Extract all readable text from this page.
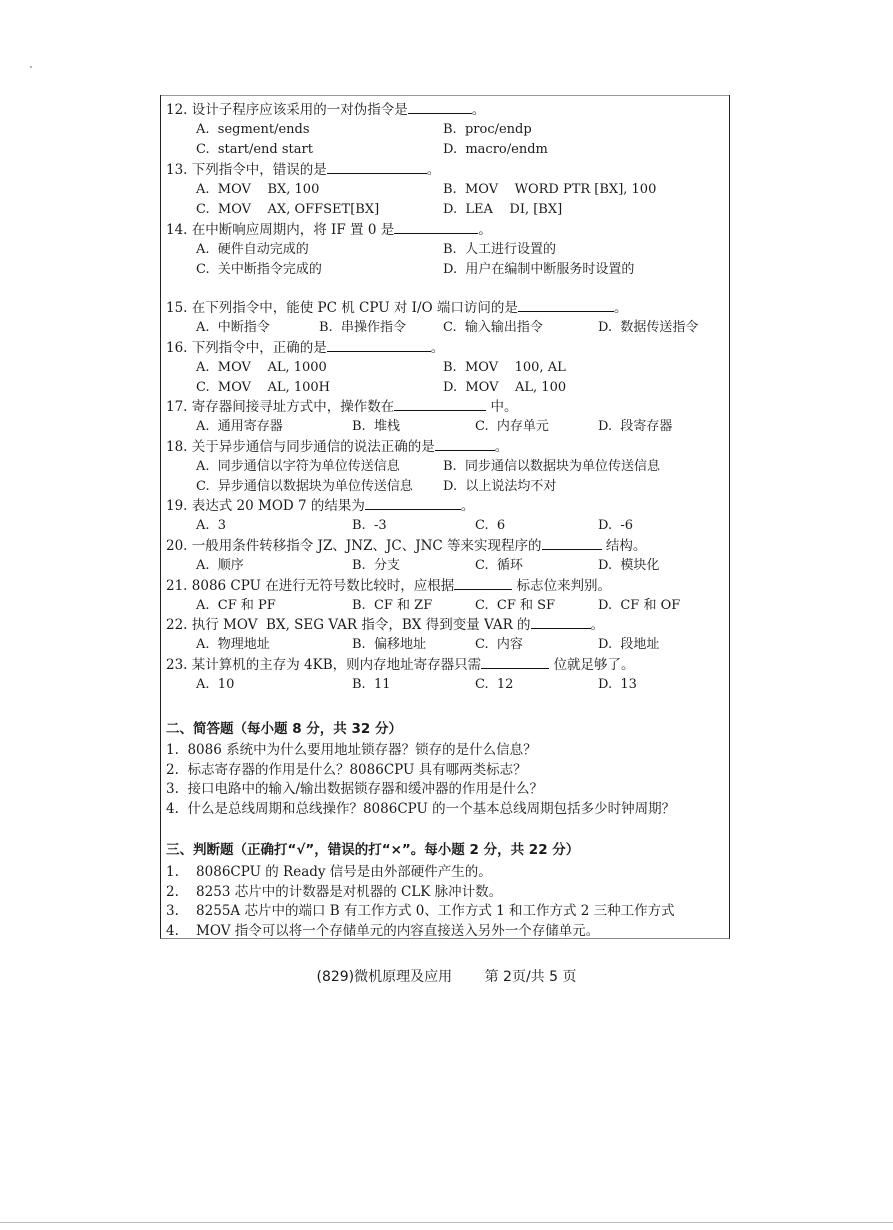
12. 设计子程序应该采用的一对伪指令是	。
A.  segment/ends	B.  proc/endp
C.  start/end start	D.  macro/endm
13. 下列指令中，错误的是	。
A.  MOV    BX, 100	B.  MOV    WORD PTR [BX], 100
C.  MOV    AX, OFFSET[BX]	D.  LEA    DI, [BX]
14. 在中断响应周期内，将 IF 置 0 是	。
A.  硬件自动完成的	B.  人工进行设置的
C.  关中断指令完成的	D.  用户在编制中断服务时设置的
15. 在下列指令中，能使 PC 机 CPU 对 I/O 端口访问的是	。
A.  中断指令	B.  串操作指令	C.  输入输出指令	D.  数据传送指令
16. 下列指令中，正确的是	。
A.  MOV    AL, 1000	B.  MOV    100, AL
C.  MOV    AL, 100H	D.  MOV    AL, 100
17. 寄存器间接寻址方式中，操作数在	中。
A.  通用寄存器	B.  堆栈	C.  内存单元	D.  段寄存器
18. 关于异步通信与同步通信的说法正确的是	。
A.  同步通信以字符为单位传送信息	B.  同步通信以数据块为单位传送信息
C.  异步通信以数据块为单位传送信息 D.  以上说法均不对
19. 表达式 20 MOD 7 的结果为	。
A.  3	B.  -3	C.  6	D.  -6
20. 一般用条件转移指令 JZ、JNZ、JC、JNC 等来实现程序的	结构。
A.  顺序	B.  分支	C.  循环	D.  模块化
21. 8086 CPU 在进行无符号数比较时，应根据	标志位来判别。
A.  CF 和 PF	B.  CF 和 ZF	C.  CF 和 SF	D.  CF 和 OF
22. 执行 MOV  BX, SEG VAR 指令，BX 得到变量 VAR 的	。
A.  物理地址	B.  偏移地址	C.  内容	D.  段地址
23. 某计算机的主存为 4KB，则内存地址寄存器只需	位就足够了。
A.  10	B.  11	C.  12	D.  13
二、简答题（每小题 8 分，共 32 分）
1.  8086 系统中为什么要用地址锁存器？锁存的是什么信息？
2.  标志寄存器的作用是什么？8086CPU 具有哪两类标志？
3.  接口电路中的输入/输出数据锁存器和缓冲器的作用是什么？
4.  什么是总线周期和总线操作？8086CPU 的一个基本总线周期包括多少时钟周期？
三、判断题（正确打“√”，错误的打“×”。每小题 2 分，共 22 分）
1.    8086CPU 的 Ready 信号是由外部硬件产生的。
2.    8253 芯片中的计数器是对机器的 CLK 脉冲计数。
3.    8255A 芯片中的端口 B 有工作方式 0、工作方式 1 和工作方式 2 三种工作方式
4.    MOV 指令可以将一个存储单元的内容直接送入另外一个存储单元。
(829)微机原理及应用 第 2页/共 5 页
